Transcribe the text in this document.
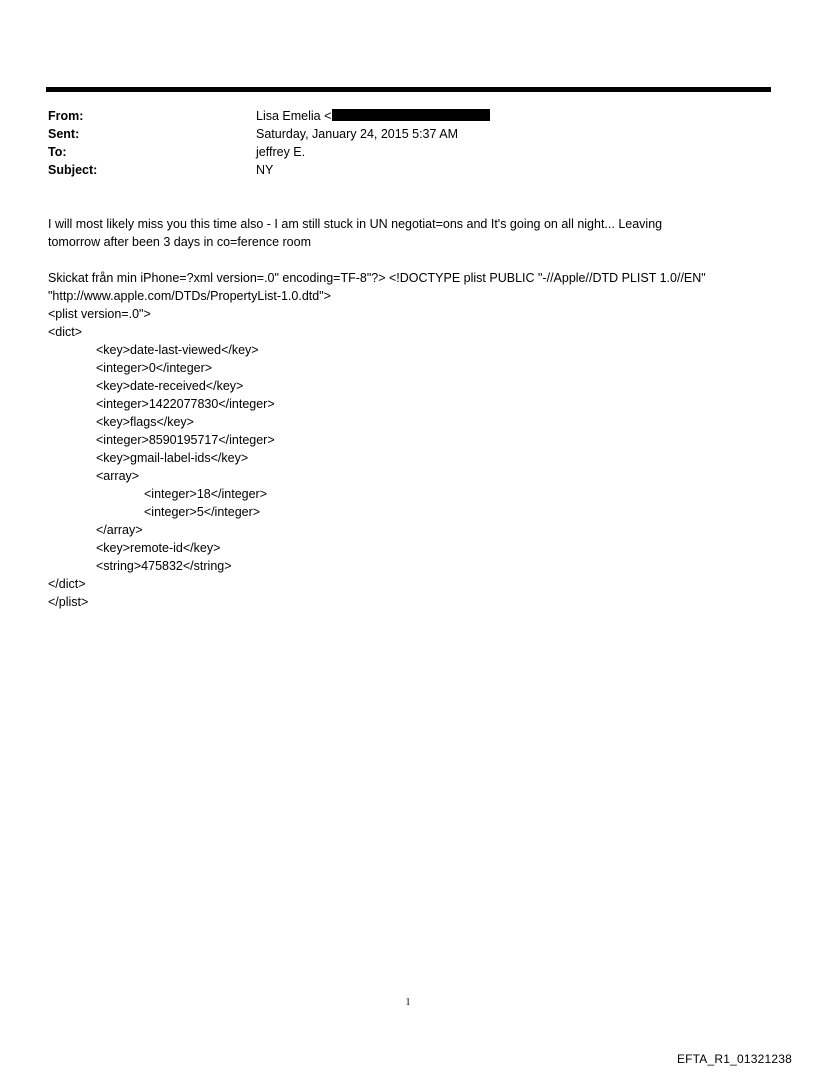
From:	Lisa Emelia <
Sent:	Saturday, January 24, 2015 5:37 AM
To:	jeffrey E.
Subject:	NY
I will most likely miss you this time also - I am still stuck in UN negotiat=ons and It's going on all night... Leaving
tomorrow after been 3 days in co=ference room
Skickat från min iPhone=?xml version=.0" encoding=TF-8"?> <!DOCTYPE plist PUBLIC "-//Apple//DTD PLIST 1.0//EN"
"http://www.apple.com/DTDs/PropertyList-1.0.dtd">
<plist version=.0">
<dict>
<key>date-last-viewed</key>
<integer>0</integer>
<key>date-received</key>
<integer>1422077830</integer>
<key>flags</key>
<integer>8590195717</integer>
<key>gmail-label-ids</key>
<array>
<integer>18</integer>
<integer>5</integer>
</array>
<key>remote-id</key>
<string>475832</string>
</dict>
</plist>
1
EFTA_R1_01321238
